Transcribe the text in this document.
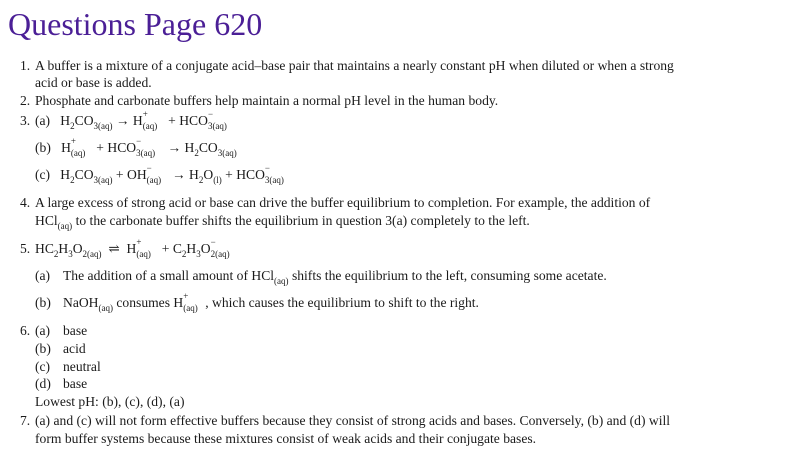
Questions Page 620
1. A buffer is a mixture of a conjugate acid–base pair that maintains a nearly constant pH when diluted or when a strong
acid or base is added.
2. Phosphate and carbonate buffers help maintain a normal pH level in the human body.
3. (a) $H_2CO_{3(aq)} \to H$ +
(aq) + HCO −
3(aq)
(b) H +
(aq) + HCO −
$3(aq) \to H_2CO_{3(aq)}$
(c) $H_2CO_{3(aq)}$ + OH −
$(aq) \to H_2O_{(l)}$ + HCO −
3(aq)
4. A large excess of strong acid or base can drive the buffer equilibrium to completion. For example, the addition of
HCl$_{(aq)}$ to the carbonate buffer shifts the equilibrium in question 3(a) completely to the left.
5. $HC_2H_3O_{2(aq)}$ ⇌ H +
$(aq) + C_2H_3O$ −
2(aq)
(a) The addition of a small amount of HCl$_{(aq)}$ shifts the equilibrium to the left, consuming some acetate.
(b) NaOH$_{(aq)}$ consumes H +
(aq) , which causes the equilibrium to shift to the right.
6. (a) base
(b) acid
(c) neutral
(d) base
Lowest pH: (b), (c), (d), (a)
7. (a) and (c) will not form effective buffers because they consist of strong acids and bases. Conversely, (b) and (d) will
form buffer systems because these mixtures consist of weak acids and their conjugate bases.
